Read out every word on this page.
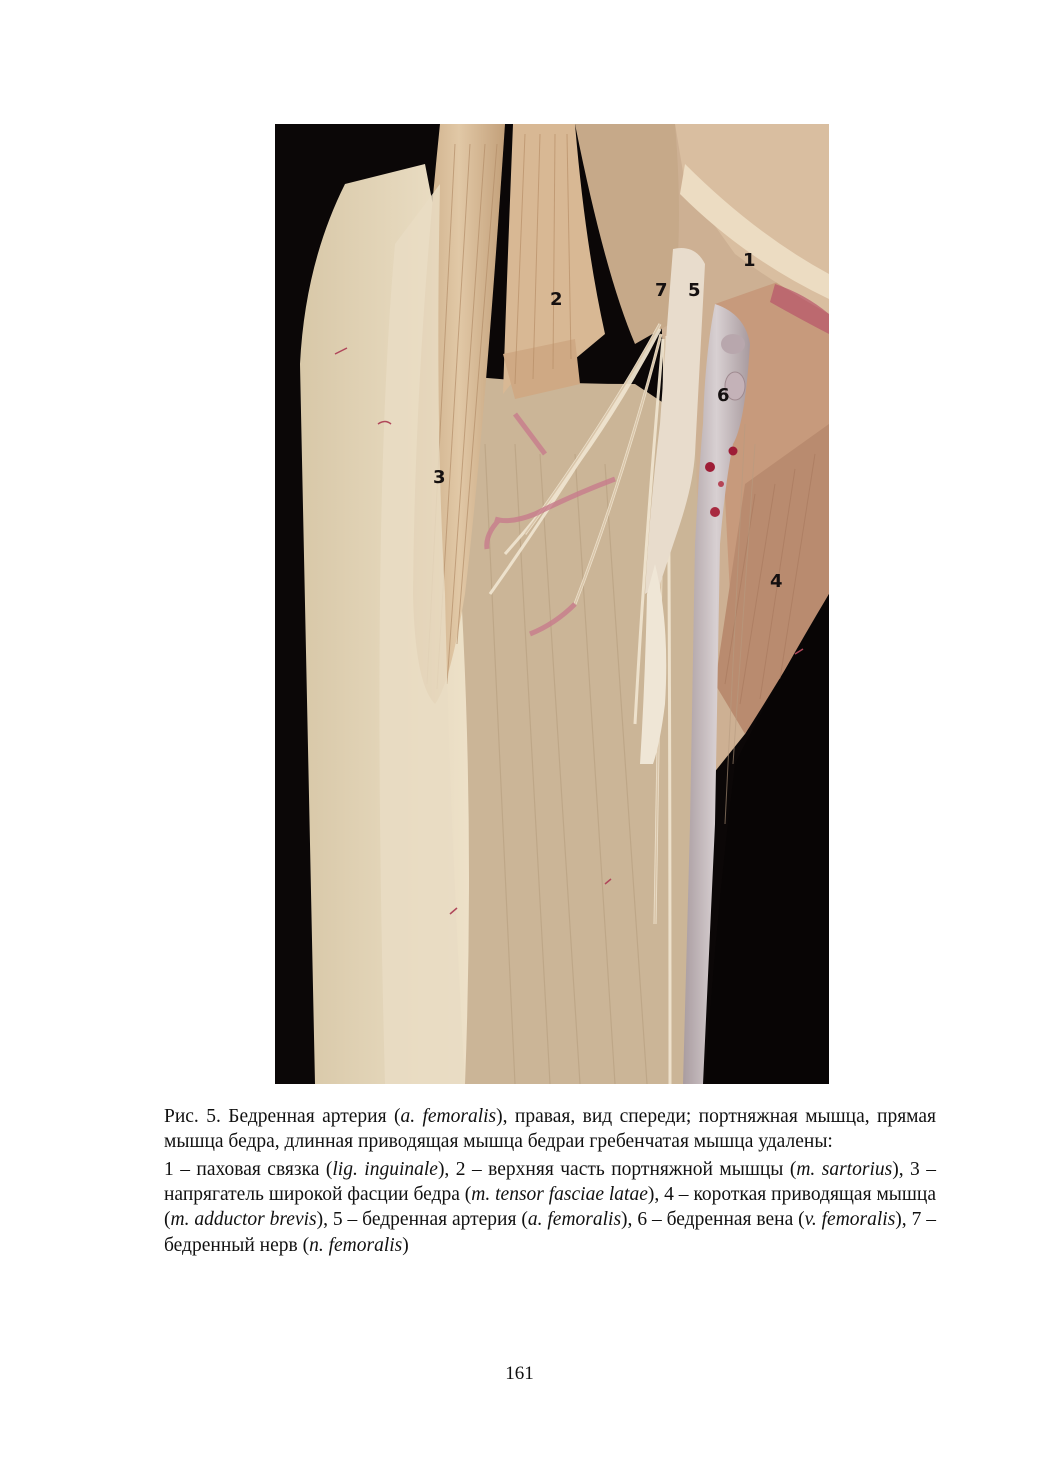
1
2
3
4
5
6
7

Рис. 5. Бедренная артерия (a. femoralis), правая, вид спереди; портняжная мышца, прямая мышца бедра, длинная приводящая мышца бедраи гребенчатая мышца удалены:

1 – паховая связка (lig. inguinale), 2 – верхняя часть портняжной мышцы (m. sartorius), 3 – напрягатель широкой фасции бедра (m. tensor fasciae latae), 4 – короткая приводящая мышца (m. adductor brevis), 5 – бедренная артерия (a. femoralis), 6 – бедренная вена (v. femoralis), 7 – бедренный нерв (n. femoralis)

161
